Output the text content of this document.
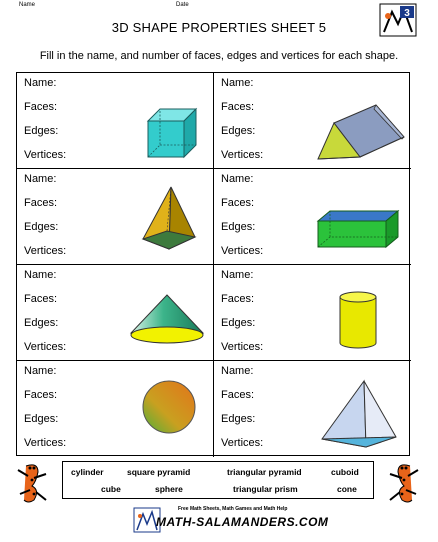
Name	Date
3
3D SHAPE PROPERTIES SHEET 5
Fill in the name, and number of faces, edges and vertices for each shape.
Name:
Faces:
Edges:
Vertices:
Name:
Faces:
Edges:
Vertices:
Name:
Faces:
Edges:
Vertices:
Name:
Faces:
Edges:
Vertices:
Name:
Faces:
Edges:
Vertices:
Name:
Faces:
Edges:
Vertices:
Name:
Faces:
Edges:
Vertices:
Name:
Faces:
Edges:
Vertices:
cylinder	square pyramid	triangular pyramid	cuboid
cube	sphere	triangular prism	cone
Free Math Sheets, Math Games and Math Help
MATH-SALAMANDERS.COM
